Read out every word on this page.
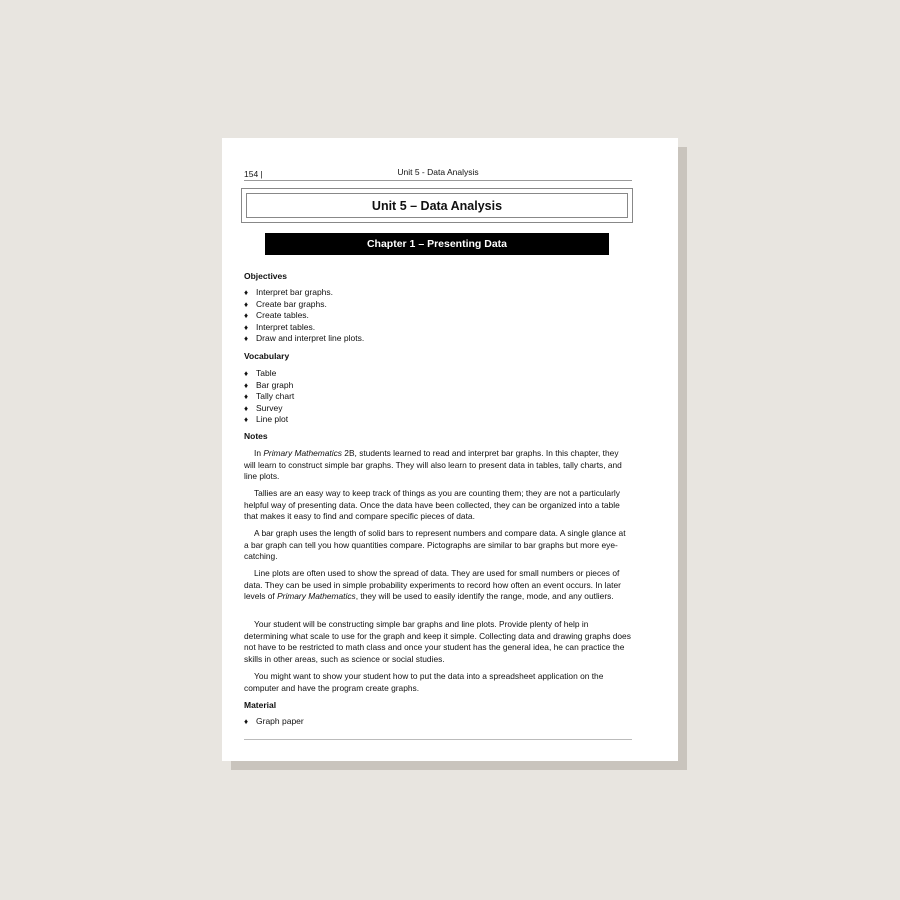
154 |	Unit 5 - Data Analysis
Unit 5 – Data Analysis
Chapter 1 – Presenting Data
Objectives
♦ Interpret bar graphs.
♦ Create bar graphs.
♦ Create tables.
♦ Interpret tables.
♦ Draw and interpret line plots.
Vocabulary
♦ Table
♦ Bar graph
♦ Tally chart
♦ Survey
♦ Line plot
Notes

In Primary Mathematics 2B, students learned to read and interpret bar graphs. In this chapter, they will learn to construct simple bar graphs. They will also learn to present data in tables, tally charts, and line plots.

Tallies are an easy way to keep track of things as you are counting them; they are not a particularly helpful way of presenting data. Once the data have been collected, they can be organized into a table that makes it easy to find and compare specific pieces of data.

A bar graph uses the length of solid bars to represent numbers and compare data. A single glance at a bar graph can tell you how quantities compare. Pictographs are similar to bar graphs but more eye-catching.

Line plots are often used to show the spread of data. They are used for small numbers or pieces of data. They can be used in simple probability experiments to record how often an event occurs. In later levels of Primary Mathematics, they will be used to easily identify the range, mode, and any outliers.

Your student will be constructing simple bar graphs and line plots. Provide plenty of help in determining what scale to use for the graph and keep it simple. Collecting data and drawing graphs does not have to be restricted to math class and once your student has the general idea, he can practice the skills in other areas, such as science or social studies.

You might want to show your student how to put the data into a spreadsheet application on the computer and have the program create graphs.

Material
♦ Graph paper
